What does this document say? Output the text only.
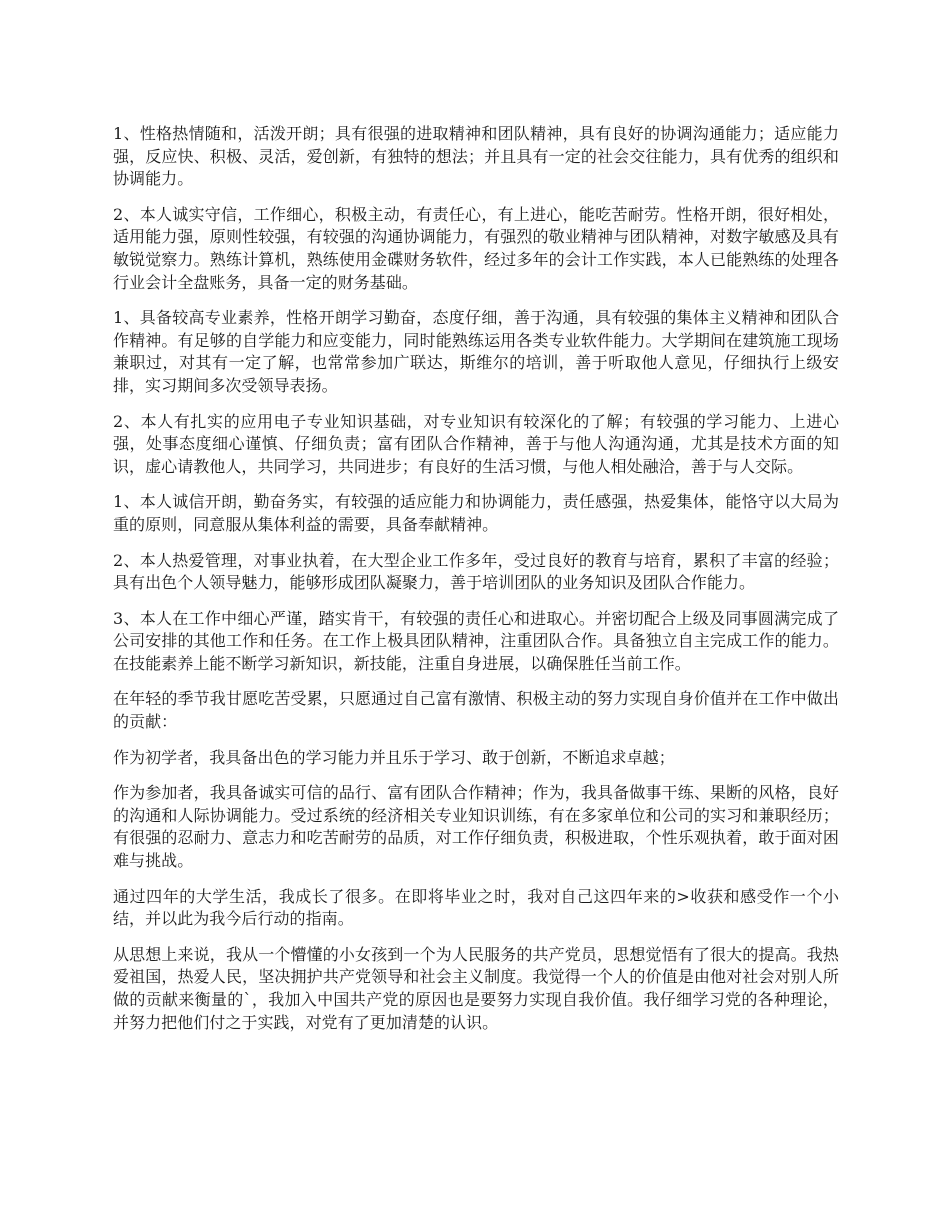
1、性格热情随和，活泼开朗；具有很强的进取精神和团队精神，具有良好的协调沟通能力；适应能力强，反应快、积极、灵活，爱创新，有独特的想法；并且具有一定的社会交往能力，具有优秀的组织和协调能力。

2、本人诚实守信，工作细心，积极主动，有责任心，有上进心，能吃苦耐劳。性格开朗，很好相处，适用能力强，原则性较强，有较强的沟通协调能力，有强烈的敬业精神与团队精神，对数字敏感及具有敏锐觉察力。熟练计算机，熟练使用金碟财务软件，经过多年的会计工作实践，本人已能熟练的处理各行业会计全盘账务，具备一定的财务基础。

1、具备较高专业素养，性格开朗学习勤奋，态度仔细，善于沟通，具有较强的集体主义精神和团队合作精神。有足够的自学能力和应变能力，同时能熟练运用各类专业软件能力。大学期间在建筑施工现场兼职过，对其有一定了解，也常常参加广联达，斯维尔的培训，善于听取他人意见，仔细执行上级安排，实习期间多次受领导表扬。

2、本人有扎实的应用电子专业知识基础，对专业知识有较深化的了解；有较强的学习能力、上进心强，处事态度细心谨慎、仔细负责；富有团队合作精神，善于与他人沟通沟通，尤其是技术方面的知识，虚心请教他人，共同学习，共同进步；有良好的生活习惯，与他人相处融洽，善于与人交际。

1、本人诚信开朗，勤奋务实，有较强的适应能力和协调能力，责任感强，热爱集体，能恪守以大局为重的原则，同意服从集体利益的需要，具备奉献精神。

2、本人热爱管理，对事业执着，在大型企业工作多年，受过良好的教育与培育，累积了丰富的经验；具有出色个人领导魅力，能够形成团队凝聚力，善于培训团队的业务知识及团队合作能力。

3、本人在工作中细心严谨，踏实肯干，有较强的责任心和进取心。并密切配合上级及同事圆满完成了公司安排的其他工作和任务。在工作上极具团队精神，注重团队合作。具备独立自主完成工作的能力。在技能素养上能不断学习新知识，新技能，注重自身进展，以确保胜任当前工作。

在年轻的季节我甘愿吃苦受累，只愿通过自己富有激情、积极主动的努力实现自身价值并在工作中做出的贡献：

作为初学者，我具备出色的学习能力并且乐于学习、敢于创新，不断追求卓越；

作为参加者，我具备诚实可信的品行、富有团队合作精神；作为，我具备做事干练、果断的风格，良好的沟通和人际协调能力。受过系统的经济相关专业知识训练，有在多家单位和公司的实习和兼职经历；有很强的忍耐力、意志力和吃苦耐劳的品质，对工作仔细负责，积极进取，个性乐观执着，敢于面对困难与挑战。

通过四年的大学生活，我成长了很多。在即将毕业之时，我对自己这四年来的>收获和感受作一个小结，并以此为我今后行动的指南。

从思想上来说，我从一个懵懂的小女孩到一个为人民服务的共产党员，思想觉悟有了很大的提高。我热爱祖国，热爱人民，坚决拥护共产党领导和社会主义制度。我觉得一个人的价值是由他对社会对别人所做的贡献来衡量的`，我加入中国共产党的原因也是要努力实现自我价值。我仔细学习党的各种理论，并努力把他们付之于实践，对党有了更加清楚的认识。
